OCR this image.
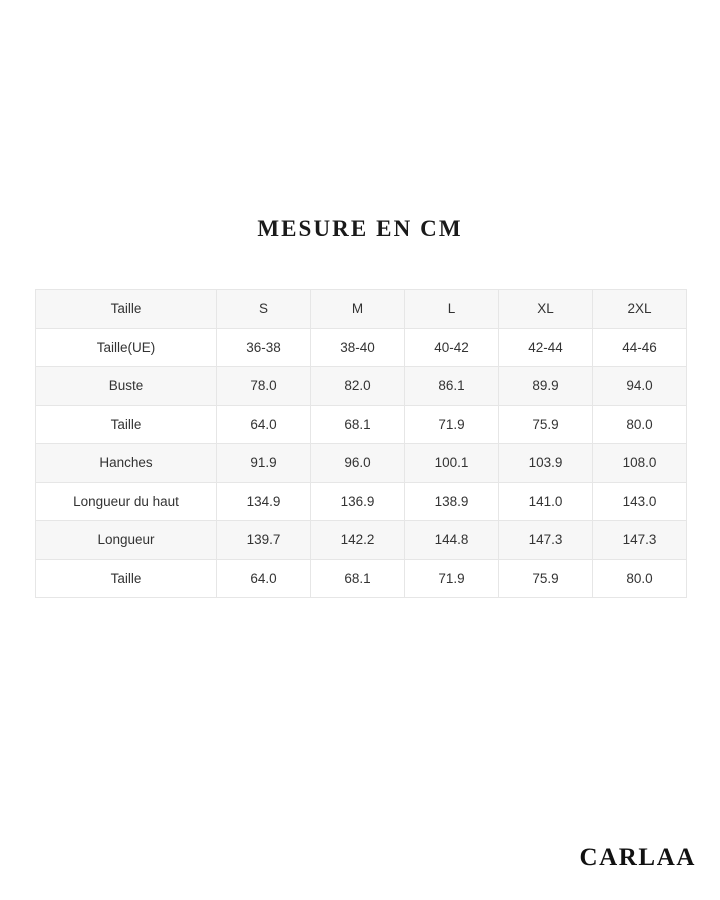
MESURE EN CM
Taille	S	M	L	XL	2XL
Taille(UE)	36-38	38-40	40-42	42-44	44-46
Buste	78.0	82.0	86.1	89.9	94.0
Taille	64.0	68.1	71.9	75.9	80.0
Hanches	91.9	96.0	100.1	103.9	108.0
Longueur du haut	134.9	136.9	138.9	141.0	143.0
Longueur	139.7	142.2	144.8	147.3	147.3
Taille	64.0	68.1	71.9	75.9	80.0
CARLAA
